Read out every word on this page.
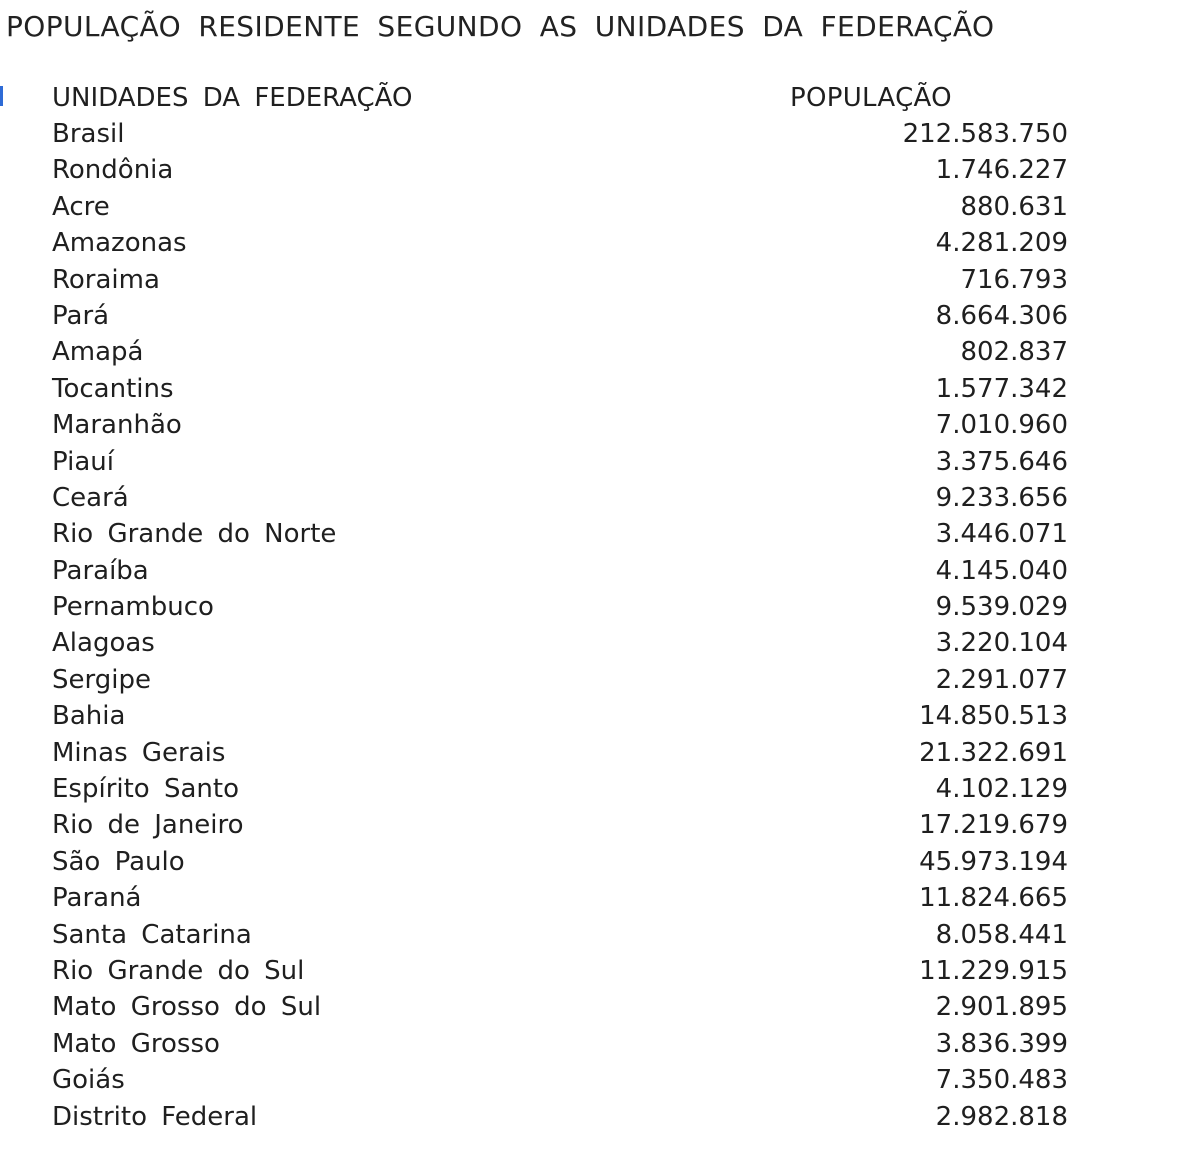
POPULAÇÃO RESIDENTE SEGUNDO AS UNIDADES DA FEDERAÇÃO
UNIDADES DA FEDERAÇÃO	POPULAÇÃO
Brasil	212.583.750
Rondônia	1.746.227
Acre	880.631
Amazonas	4.281.209
Roraima	716.793
Pará	8.664.306
Amapá	802.837
Tocantins	1.577.342
Maranhão	7.010.960
Piauí	3.375.646
Ceará	9.233.656
Rio Grande do Norte	3.446.071
Paraíba	4.145.040
Pernambuco	9.539.029
Alagoas	3.220.104
Sergipe	2.291.077
Bahia	14.850.513
Minas Gerais	21.322.691
Espírito Santo	4.102.129
Rio de Janeiro	17.219.679
São Paulo	45.973.194
Paraná	11.824.665
Santa Catarina	8.058.441
Rio Grande do Sul	11.229.915
Mato Grosso do Sul	2.901.895
Mato Grosso	3.836.399
Goiás	7.350.483
Distrito Federal	2.982.818
